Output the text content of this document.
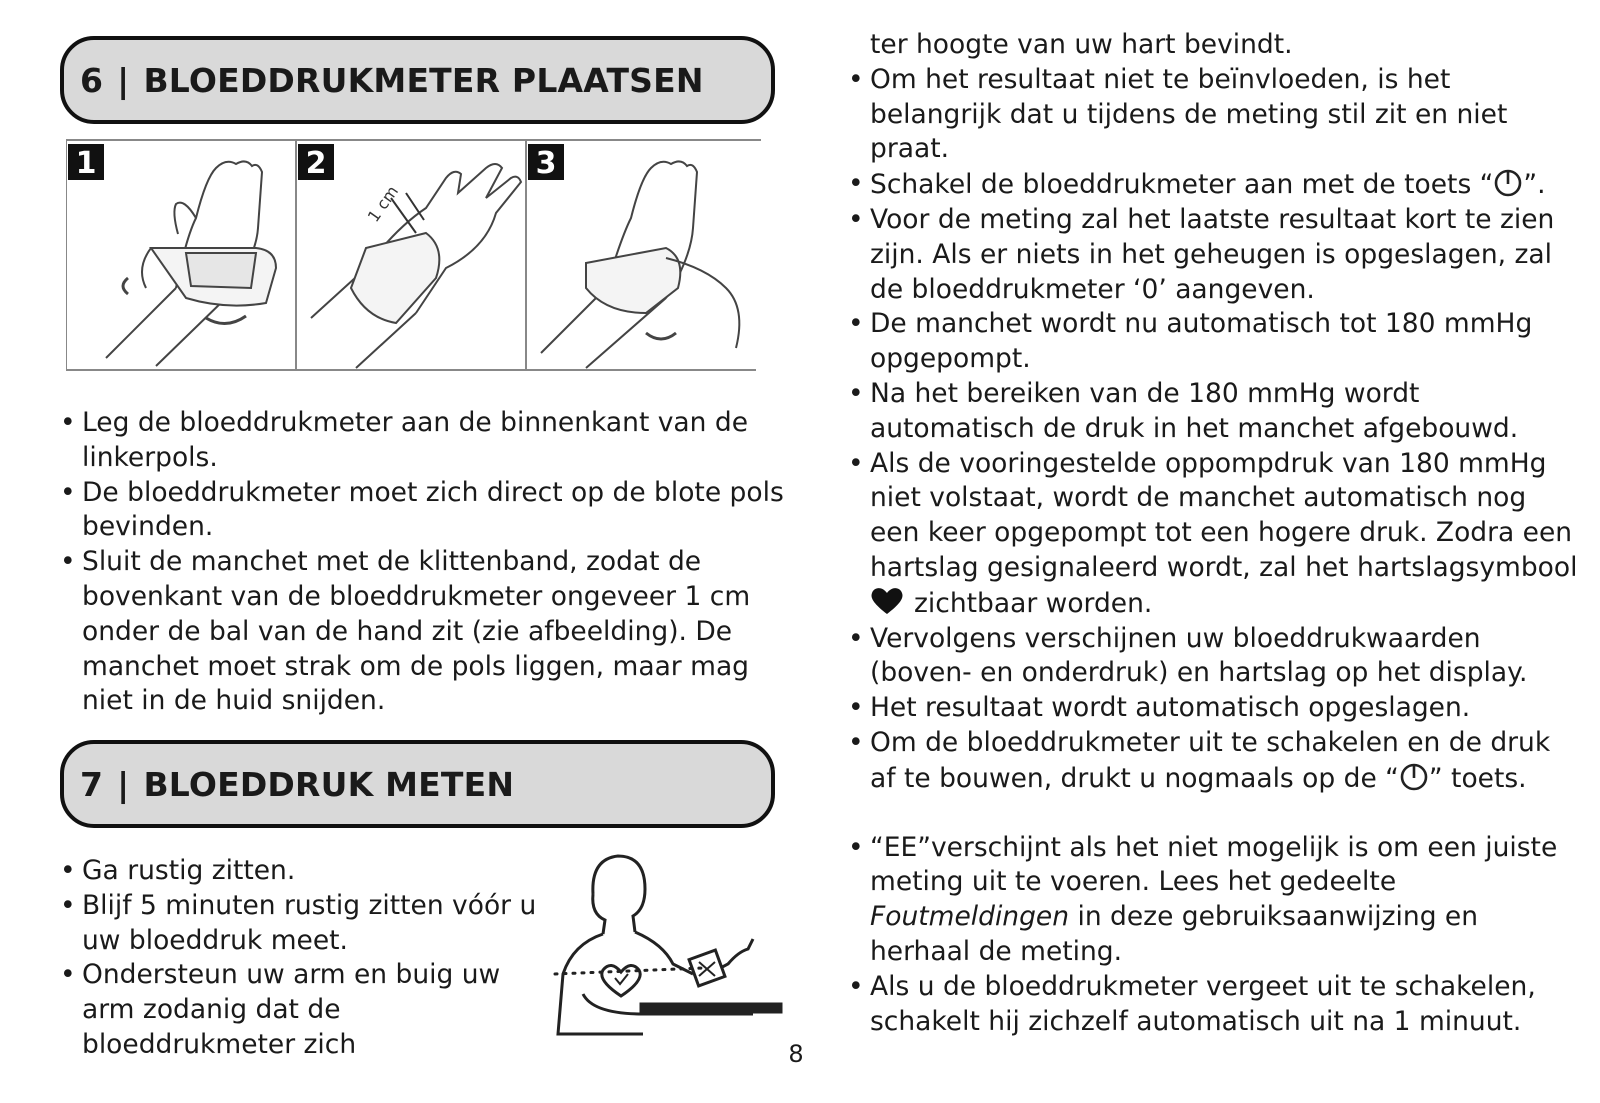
6 | BLOEDDRUKMETER PLAATSEN
1	2	3
1 cm
• Leg de bloeddrukmeter aan de binnenkant van de linkerpols.
• De bloeddrukmeter moet zich direct op de blote pols bevinden.
• Sluit de manchet met de klittenband, zodat de bovenkant van de bloeddrukmeter ongeveer 1 cm onder de bal van de hand zit (zie afbeelding). De manchet moet strak om de pols liggen, maar mag niet in de huid snijden.
7 | BLOEDDRUK METEN
• Ga rustig zitten.
• Blijf 5 minuten rustig zitten vóór u uw bloeddruk meet.
• Ondersteun uw arm en buig uw arm zodanig dat de bloeddrukmeter zich
ter hoogte van uw hart bevindt.
• Om het resultaat niet te beïnvloeden, is het belangrijk dat u tijdens de meting stil zit en niet praat.
• Schakel de bloeddrukmeter aan met de toets “ ”.
• Voor de meting zal het laatste resultaat kort te zien zijn. Als er niets in het geheugen is opgeslagen, zal de bloeddrukmeter ‘0’ aangeven.
• De manchet wordt nu automatisch tot 180 mmHg opgepompt.
• Na het bereiken van de 180 mmHg wordt automatisch de druk in het manchet afgebouwd.
• Als de vooringestelde oppompdruk van 180 mmHg niet volstaat, wordt de manchet automatisch nog een keer opgepompt tot een hogere druk. Zodra een hartslag gesignaleerd wordt, zal het hartslagsymbool
zichtbaar worden.
• Vervolgens verschijnen uw bloeddrukwaarden (boven- en onderdruk) en hartslag op het display.
• Het resultaat wordt automatisch opgeslagen.
• Om de bloeddrukmeter uit te schakelen en de druk af te bouwen, drukt u nogmaals op de “ ” toets.
• “EE”verschijnt als het niet mogelijk is om een juiste meting uit te voeren. Lees het gedeelte Foutmeldingen in deze gebruiksaanwijzing en herhaal de meting.
• Als u de bloeddrukmeter vergeet uit te schakelen, schakelt hij zichzelf automatisch uit na 1 minuut.
8
